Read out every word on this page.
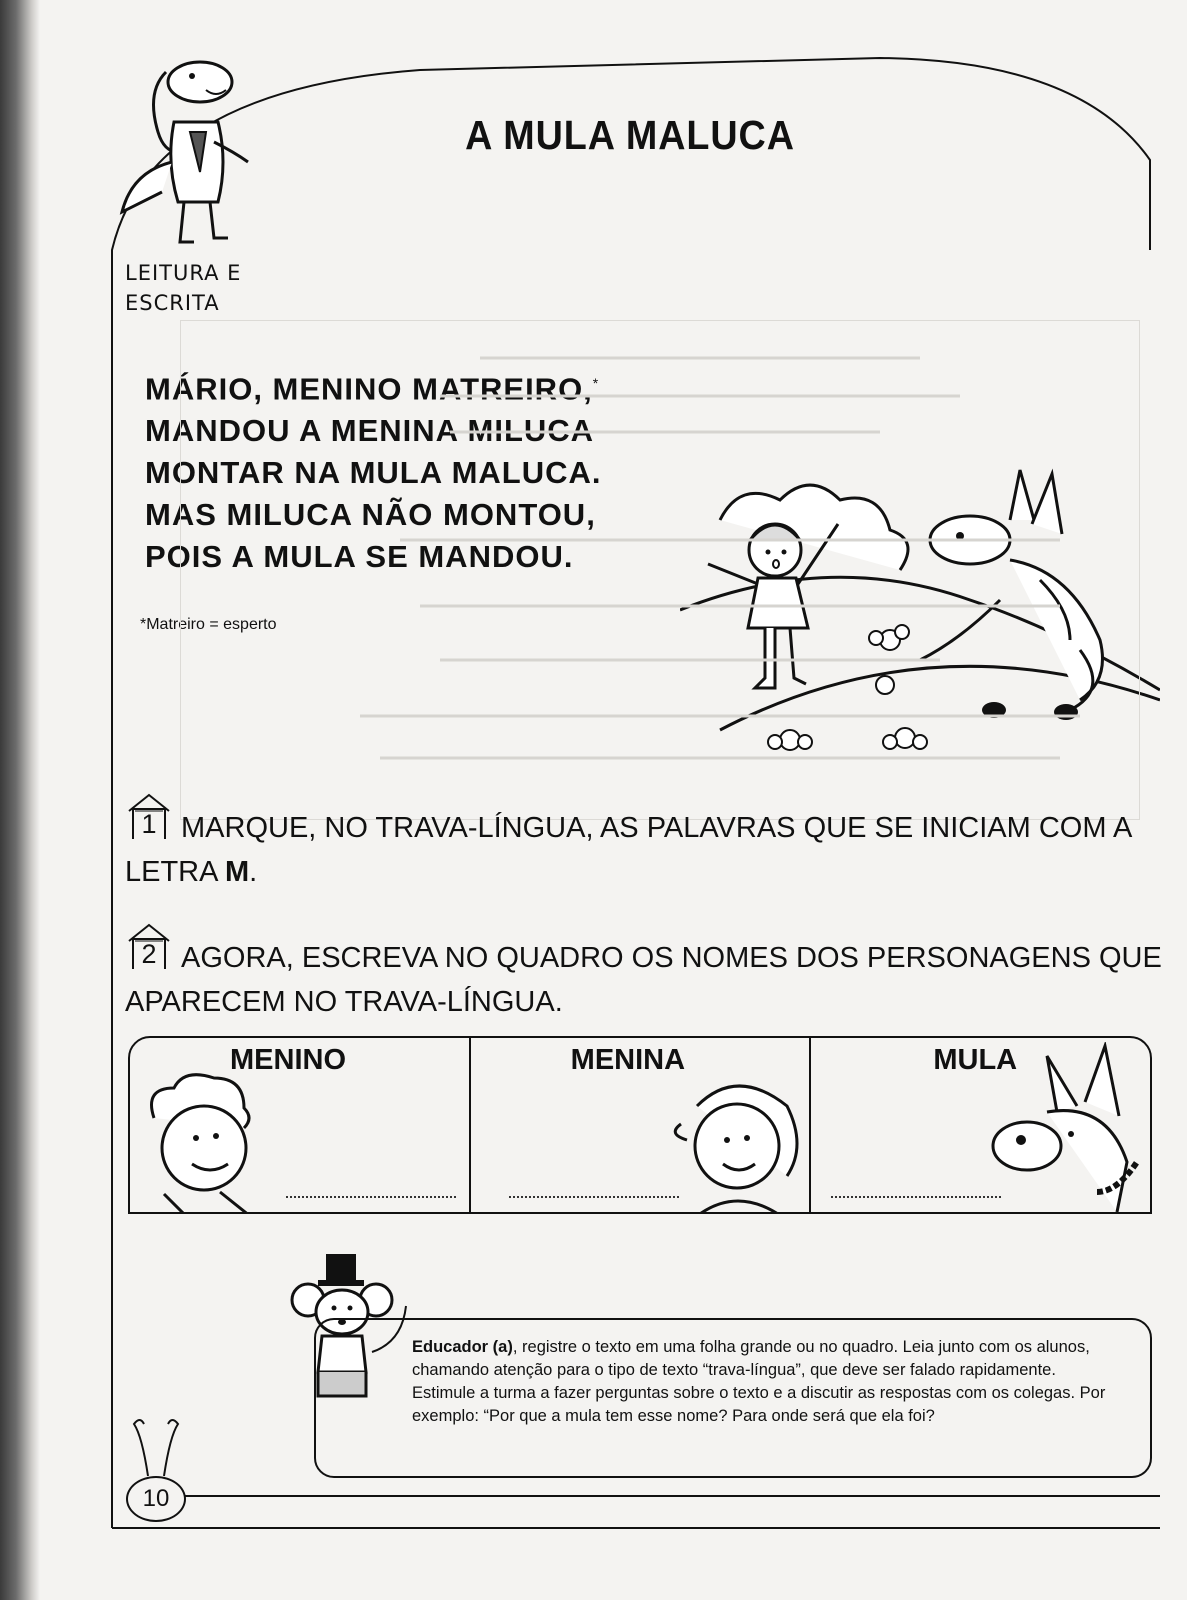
LEITURA E
ESCRITA
A MULA MALUCA
MÁRIO, MENINO MATREIRO,*
MANDOU A MENINA MILUCA
MONTAR NA MULA MALUCA.
MAS MILUCA NÃO MONTOU,
POIS A MULA SE MANDOU.
*Matreiro = esperto
1 MARQUE, NO TRAVA-LÍNGUA, AS PALAVRAS QUE SE INICIAM COM A LETRA M.
2 AGORA, ESCREVA NO QUADRO OS NOMES DOS PERSONAGENS QUE APARECEM NO TRAVA-LÍNGUA.
MENINO	MENINA	MULA
Educador (a), registre o texto em uma folha grande ou no quadro. Leia junto com os alunos, chamando atenção para o tipo de texto “trava-língua”, que deve ser falado rapidamente.
Estimule a turma a fazer perguntas sobre o texto e a discutir as respostas com os colegas. Por exemplo: “Por que a mula tem esse nome? Para onde será que ela foi?
10
